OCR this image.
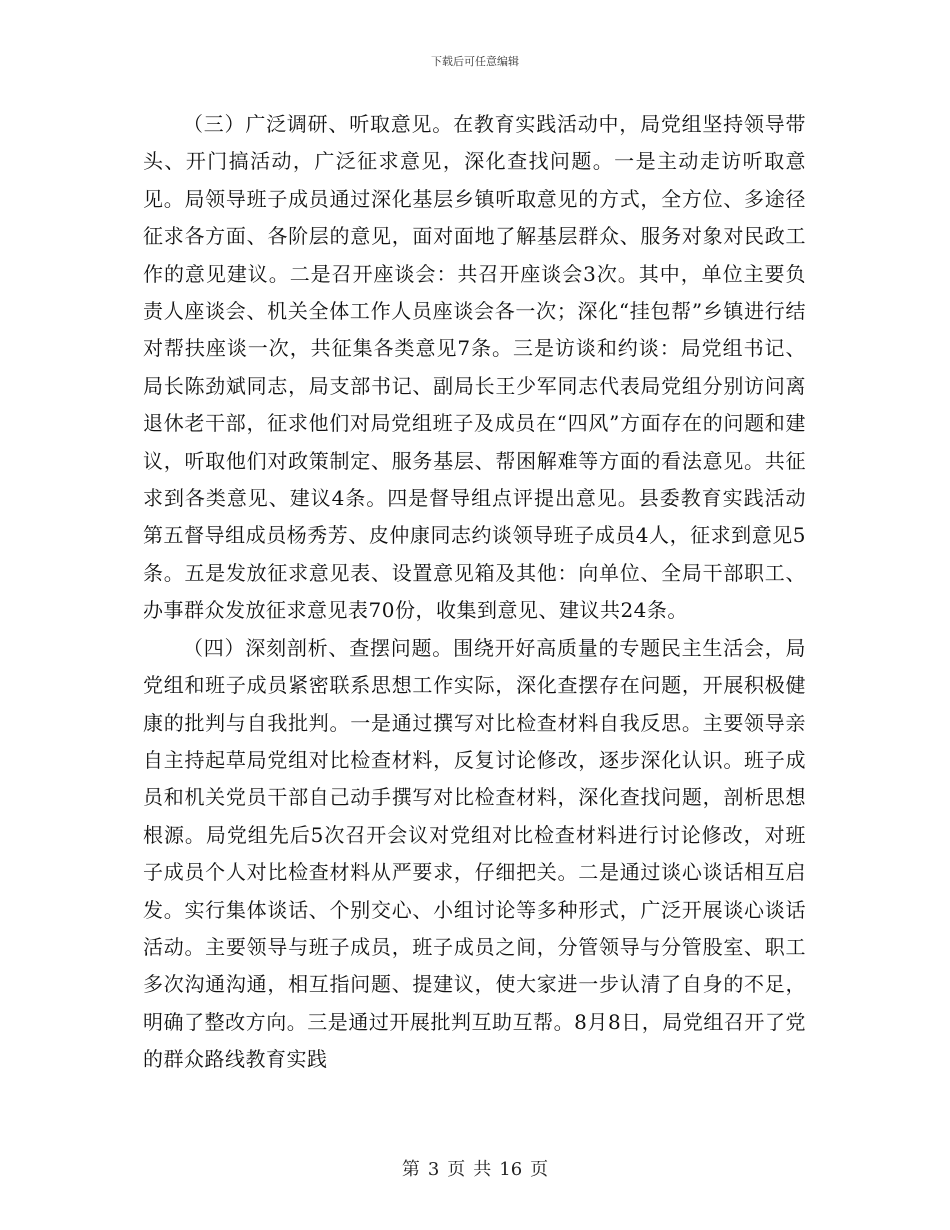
下载后可任意编辑

（三）广泛调研、听取意见。在教育实践活动中，局党组坚持领导带头、开门搞活动，广泛征求意见，深化查找问题。一是主动走访听取意见。局领导班子成员通过深化基层乡镇听取意见的方式，全方位、多途径征求各方面、各阶层的意见，面对面地了解基层群众、服务对象对民政工作的意见建议。二是召开座谈会：共召开座谈会3次。其中，单位主要负责人座谈会、机关全体工作人员座谈会各一次；深化“挂包帮”乡镇进行结对帮扶座谈一次，共征集各类意见7条。三是访谈和约谈：局党组书记、局长陈劲斌同志，局支部书记、副局长王少军同志代表局党组分别访问离退休老干部，征求他们对局党组班子及成员在“四风”方面存在的问题和建议，听取他们对政策制定、服务基层、帮困解难等方面的看法意见。共征求到各类意见、建议4条。四是督导组点评提出意见。县委教育实践活动第五督导组成员杨秀芳、皮仲康同志约谈领导班子成员4人，征求到意见5条。五是发放征求意见表、设置意见箱及其他：向单位、全局干部职工、办事群众发放征求意见表70份，收集到意见、建议共24条。

（四）深刻剖析、查摆问题。围绕开好高质量的专题民主生活会，局党组和班子成员紧密联系思想工作实际，深化查摆存在问题，开展积极健康的批判与自我批判。一是通过撰写对比检查材料自我反思。主要领导亲自主持起草局党组对比检查材料，反复讨论修改，逐步深化认识。班子成员和机关党员干部自己动手撰写对比检查材料，深化查找问题，剖析思想根源。局党组先后5次召开会议对党组对比检查材料进行讨论修改，对班子成员个人对比检查材料从严要求，仔细把关。二是通过谈心谈话相互启发。实行集体谈话、个别交心、小组讨论等多种形式，广泛开展谈心谈话活动。主要领导与班子成员，班子成员之间，分管领导与分管股室、职工多次沟通沟通，相互指问题、提建议，使大家进一步认清了自身的不足，明确了整改方向。三是通过开展批判互助互帮。8月8日，局党组召开了党的群众路线教育实践

第 3 页 共 16 页
